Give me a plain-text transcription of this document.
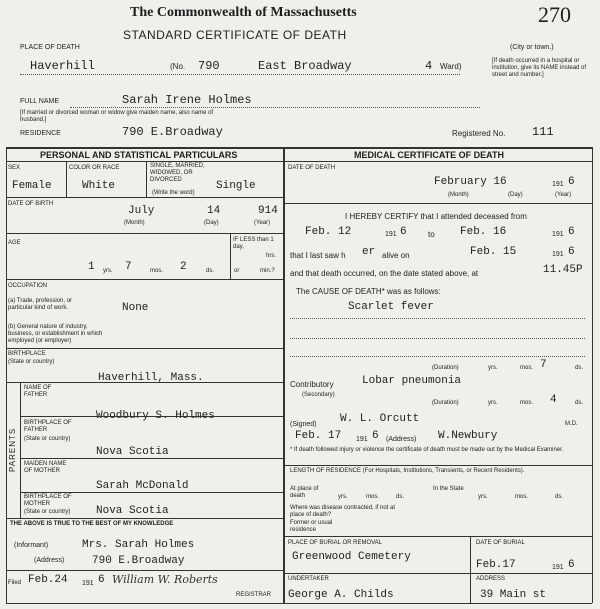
The Commonwealth of Massachusetts	270
STANDARD CERTIFICATE OF DEATH
PLACE OF DEATH	(City or town.)
Haverhill	(No. 790	East Broadway	4 Ward)
[If death occurred in a hospital or institution, give its NAME instead of street and number.]
FULL NAME	Sarah Irene Holmes
[If married or divorced woman or widow give maiden name, also name of husband.]
RESIDENCE	790 E.Broadway	Registered No. 111
PERSONAL AND STATISTICAL PARTICULARS
SEX
Female
COLOR OR RACE
White
SINGLE, MARRIED, WIDOWED, OR DIVORCED
(Write the word)
Single
DATE OF BIRTH
July	14	914
(Month)	(Day)	(Year)
AGE
1 yrs. 7	mos. 2	ds.
IF LESS than 1 day,
hrs.
or	min.?
OCCUPATION
(a) Trade, profession, or particular kind of work.	None
(b) General nature of industry, business, or establishment in which employed (or employer)
BIRTHPLACE
(State or country)
Haverhill, Mass.
PARENTS
NAME OF FATHER
Woodbury S. Holmes
BIRTHPLACE OF FATHER
(State or country)
Nova Scotia
MAIDEN NAME OF MOTHER
Sarah McDonald
BIRTHPLACE OF MOTHER
(State or country) Nova Scotia
THE ABOVE IS TRUE TO THE BEST OF MY KNOWLEDGE
(Informant)	Mrs. Sarah Holmes
(Address)	790 E.Broadway
Filed Feb.24 191 6 William W. Roberts
REGISTRAR
MEDICAL CERTIFICATE OF DEATH
DATE OF DEATH
February 16	191 6
(Month)	(Day)	(Year)
I HEREBY CERTIFY that I attended deceased from
Feb. 12	191 6	to Feb. 16	191 6
that I last saw h er alive on	Feb. 15	191 6
and that death occurred, on the date stated above, at	11.45P
The CAUSE OF DEATH* was as follows:
Scarlet fever
(Duration)	yrs.	7
mos.	ds.
Contributory	Lobar pneumonia
(Secondary)
(Duration)	yrs.	4
mos.	ds.
(Signed) W. L. Orcutt	M.D.
Feb. 17 191 6 (Address) W.Newbury
* If death followed injury or violence the certificate of death must be made out by the Medical Examiner.
LENGTH OF RESIDENCE (For Hospitals, Institutions, Transients, or Recent Residents).
At place of death	yrs.	mos.	ds.
In the State
yrs.	mos.	ds.
Where was disease contracted, if not at place of death?
Former or usual residence
PLACE OF BURIAL OR REMOVAL
Greenwood Cemetery
DATE OF BURIAL
Feb.17	191 6
UNDERTAKER
George A. Childs
ADDRESS
39 Main st
